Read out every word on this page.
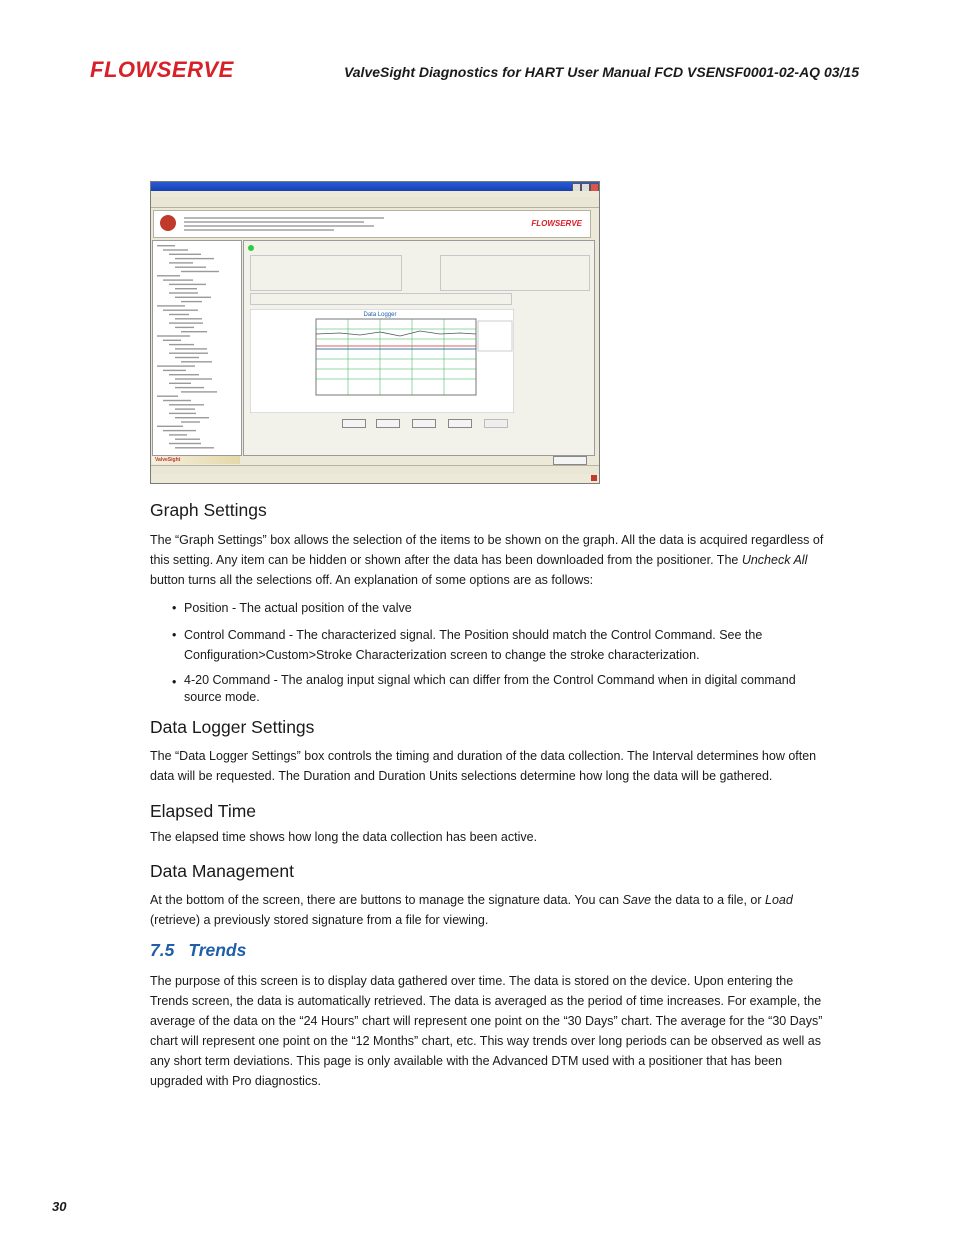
FLOWSERVE	ValveSight Diagnostics for HART User Manual FCD VSENSF0001-02-AQ 03/15
FLOWSERVE
Data Logger
ValveSight
Graph Settings
The “Graph Settings” box allows the selection of the items to be shown on the graph. All the data is acquired regardless of this setting. Any item can be hidden or shown after the data has been downloaded from the positioner. The Uncheck All button turns all the selections off. An explanation of some options are as follows:
• Position - The actual position of the valve
• Control Command - The characterized signal. The Position should match the Control Command. See the Configuration>Custom>Stroke Characterization screen to change the stroke characterization.
• 4-20 Command - The analog input signal which can differ from the Control Command when in digital command source mode.
Data Logger Settings
The “Data Logger Settings” box controls the timing and duration of the data collection. The Interval determines how often data will be requested. The Duration and Duration Units selections determine how long the data will be gathered.
Elapsed Time
The elapsed time shows how long the data collection has been active.
Data Management
At the bottom of the screen, there are buttons to manage the signature data. You can Save the data to a file, or Load
(retrieve) a previously stored signature from a file for viewing.
7.5 Trends
The purpose of this screen is to display data gathered over time. The data is stored on the device. Upon entering the Trends screen, the data is automatically retrieved. The data is averaged as the period of time increases. For example, the average of the data on the “24 Hours” chart will represent one point on the “30 Days” chart. The average for the “30 Days” chart will represent one point on the “12 Months” chart, etc. This way trends over long periods can be observed as well as any short term deviations. This page is only available with the Advanced DTM used with a positioner that has been upgraded with Pro diagnostics.
30
